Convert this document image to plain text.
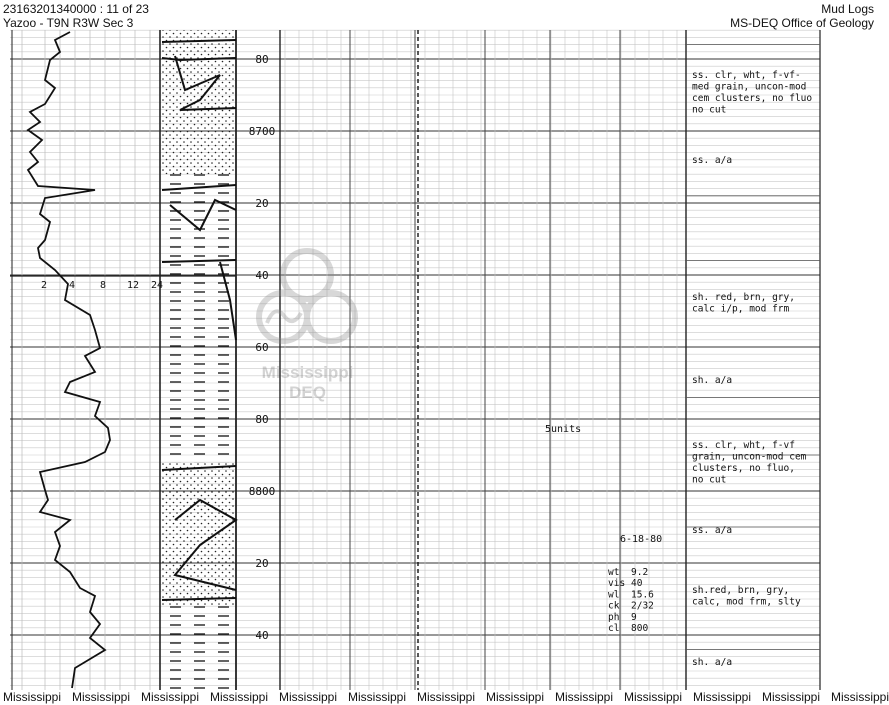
23163201340000 : 11 of 23
Yazoo - T9N R3W Sec 3
Mud Logs
MS-DEQ Office of Geology
80
8700
20
40
60
80
8800
20
40
2 4 8 12 24
ss. clr, wht, f-vf-
med grain, uncon-mod
cem clusters, no fluo
no cut
ss. a/a
sh. red, brn, gry,
calc i/p, mod frm
sh. a/a
ss. clr, wht, f-vf
grain, uncon-mod cem
clusters, no fluo,
no cut
ss. a/a
sh.red, brn, gry,
calc, mod frm, slty
sh. a/a
5units
6-18-80
wt 9.2
vis 40
wl 15.6
ck 2/32
ph 9
cl 800
Mississippi
DEQ
Mississippi Mississippi Mississippi Mississippi Mississippi Mississippi Mississippi Mississippi Mississippi Mississippi Mississippi Mississippi Mississippi
